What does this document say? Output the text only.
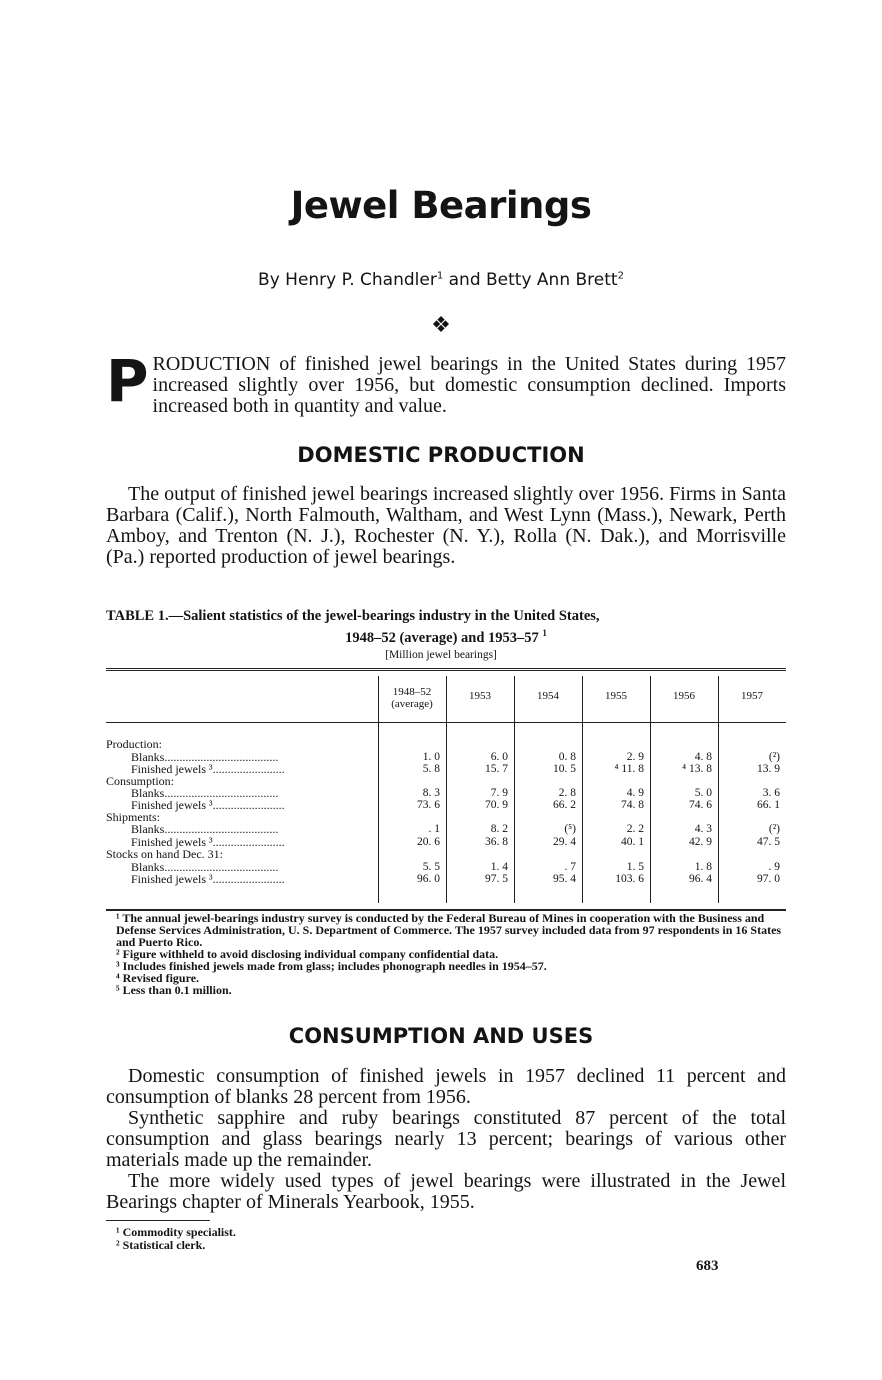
Jewel Bearings
By Henry P. Chandler$^1$ and Betty Ann Brett$^2$
❖
PRODUCTION of finished jewel bearings in the United States during 1957 increased slightly over 1956, but domestic consumption declined. Imports increased both in quantity and value.
DOMESTIC PRODUCTION

The output of finished jewel bearings increased slightly over 1956. Firms in Santa Barbara (Calif.), North Falmouth, Waltham, and West Lynn (Mass.), Newark, Perth Amboy, and Trenton (N. J.), Rochester (N. Y.), Rolla (N. Dak.), and Morrisville (Pa.) reported production of jewel bearings.

TABLE 1.—Salient statistics of the jewel-bearings industry in the United States,
1948–52 (average) and 1953–57 $^1$
[Million jewel bearings]
1948–52
(average)
1953	1954	1955	1956	1957
Production:
Blanks......................................	1. 0	6. 0	0. 8	2. 9	4. 8	(²)
Finished jewels ³........................	5. 8	15. 7	10. 5	⁴ 11. 8	⁴ 13. 8	13. 9
Consumption:
Blanks......................................	8. 3	7. 9	2. 8	4. 9	5. 0	3. 6
Finished jewels ³........................	73. 6	70. 9	66. 2	74. 8	74. 6	66. 1
Shipments:
Blanks......................................	. 1	8. 2	(⁵)	2. 2	4. 3	(²)
Finished jewels ³........................	20. 6	36. 8	29. 4	40. 1	42. 9	47. 5
Stocks on hand Dec. 31:
Blanks......................................	5. 5	1. 4	. 7	1. 5	1. 8	. 9
Finished jewels ³........................	96. 0	97. 5	95. 4	103. 6	96. 4	97. 0
¹ The annual jewel-bearings industry survey is conducted by the Federal Bureau of Mines in cooperation with the Business and Defense Services Administration, U. S. Department of Commerce. The 1957 survey included data from 97 respondents in 16 States and Puerto Rico.
² Figure withheld to avoid disclosing individual company confidential data.
³ Includes finished jewels made from glass; includes phonograph needles in 1954–57.
⁴ Revised figure.
⁵ Less than 0.1 million.
CONSUMPTION AND USES

Domestic consumption of finished jewels in 1957 declined 11 percent and consumption of blanks 28 percent from 1956.

Synthetic sapphire and ruby bearings constituted 87 percent of the total consumption and glass bearings nearly 13 percent; bearings of various other materials made up the remainder.

The more widely used types of jewel bearings were illustrated in the Jewel Bearings chapter of Minerals Yearbook, 1955.

¹ Commodity specialist.
² Statistical clerk.
683
